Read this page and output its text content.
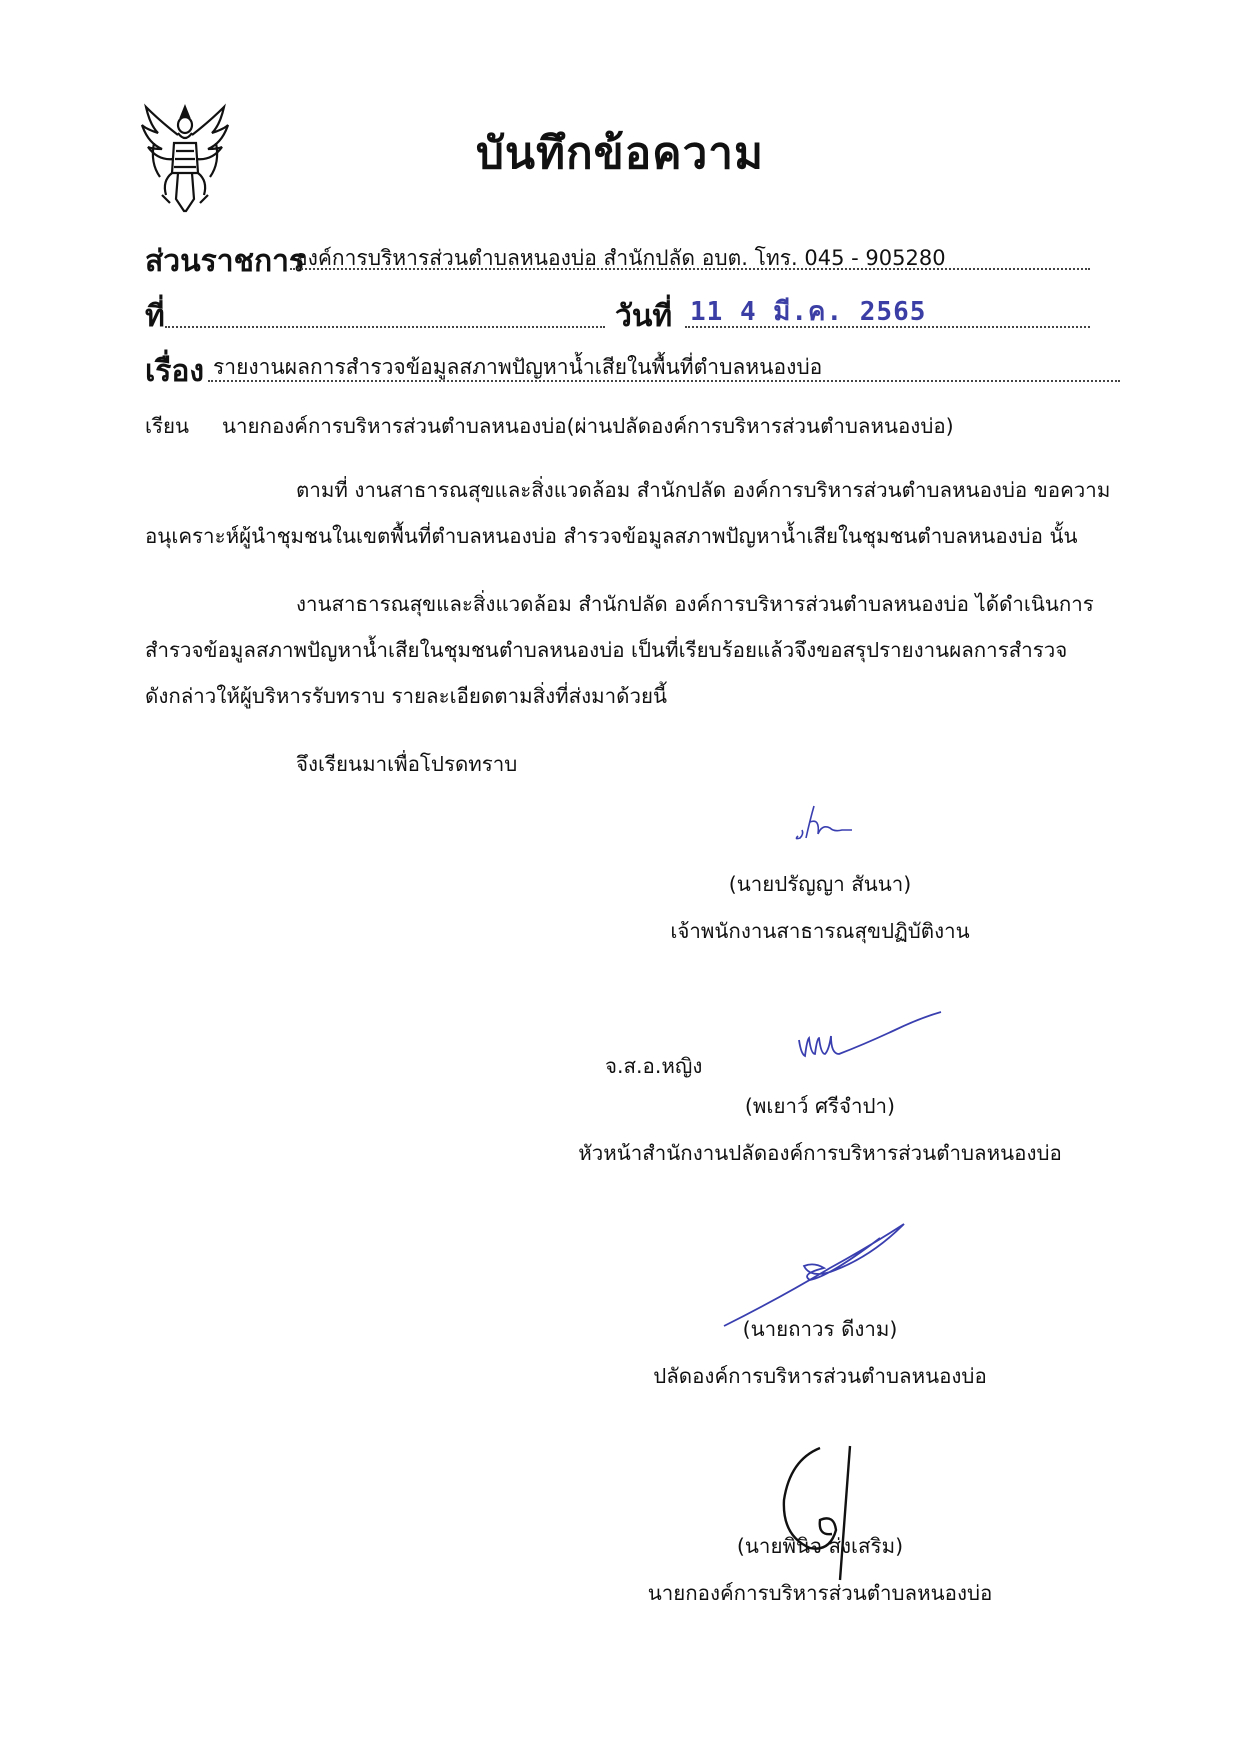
บันทึกข้อความ
ส่วนราชการ
องค์การบริหารส่วนตำบลหนองบ่อ สำนักปลัด อบต. โทร. 045 - 905280
ที่	วันที่ 11 4 มี.ค. 2565
เรื่อง รายงานผลการสำรวจข้อมูลสภาพปัญหาน้ำเสียในพื้นที่ตำบลหนองบ่อ
เรียน นายกองค์การบริหารส่วนตำบลหนองบ่อ(ผ่านปลัดองค์การบริหารส่วนตำบลหนองบ่อ)
ตามที่ งานสาธารณสุขและสิ่งแวดล้อม สำนักปลัด องค์การบริหารส่วนตำบลหนองบ่อ ขอความ
อนุเคราะห์ผู้นำชุมชนในเขตพื้นที่ตำบลหนองบ่อ สำรวจข้อมูลสภาพปัญหาน้ำเสียในชุมชนตำบลหนองบ่อ นั้น
งานสาธารณสุขและสิ่งแวดล้อม สำนักปลัด องค์การบริหารส่วนตำบลหนองบ่อ ได้ดำเนินการ
สำรวจข้อมูลสภาพปัญหาน้ำเสียในชุมชนตำบลหนองบ่อ เป็นที่เรียบร้อยแล้วจึงขอสรุปรายงานผลการสำรวจ
ดังกล่าวให้ผู้บริหารรับทราบ รายละเอียดตามสิ่งที่ส่งมาด้วยนี้
จึงเรียนมาเพื่อโปรดทราบ
(นายปรัญญา สันนา)
เจ้าพนักงานสาธารณสุขปฏิบัติงาน
จ.ส.อ.หญิง
(พเยาว์ ศรีจำปา)
หัวหน้าสำนักงานปลัดองค์การบริหารส่วนตำบลหนองบ่อ
(นายถาวร ดีงาม)
ปลัดองค์การบริหารส่วนตำบลหนองบ่อ
(นายพินิจ ส่งเสริม)
นายกองค์การบริหารส่วนตำบลหนองบ่อ
